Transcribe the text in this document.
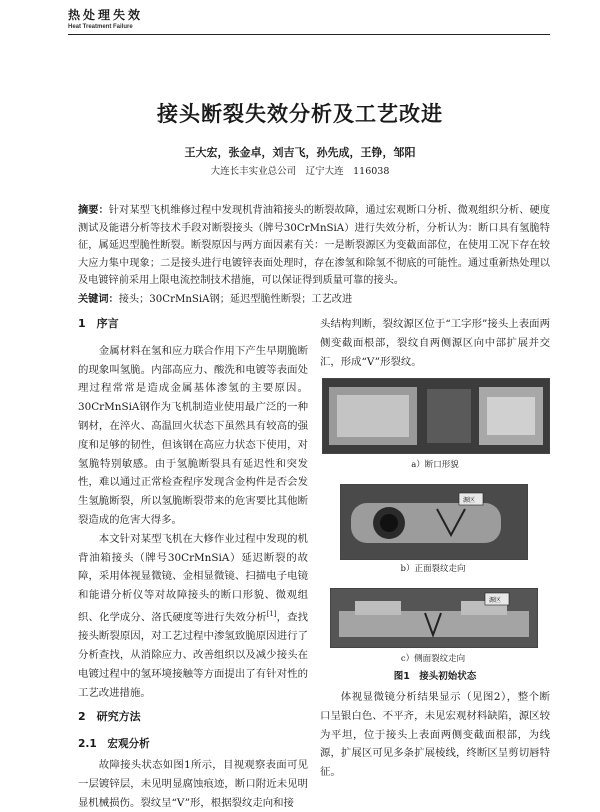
热处理失效
Heat Treatment Failure
接头断裂失效分析及工艺改进
王大宏，张金卓，刘吉飞，孙先成，王铮，邹阳
大连长丰实业总公司　辽宁大连　116038
摘要：针对某型飞机维修过程中发现机背油箱接头的断裂故障，通过宏观断口分析、微观组织分析、硬度测试及能谱分析等技术手段对断裂接头（牌号30CrMnSiA）进行失效分析，分析认为：断口具有氢脆特征，属延迟型脆性断裂。断裂原因与两方面因素有关：一是断裂源区为变截面部位，在使用工况下存在较大应力集中现象；二是接头进行电镀锌表面处理时，存在渗氢和除氢不彻底的可能性。通过重新热处理以及电镀锌前采用上限电流控制技术措施，可以保证得到质量可靠的接头。
关键词：接头；30CrMnSiA钢；延迟型脆性断裂；工艺改进
1　序言

金属材料在氢和应力联合作用下产生早期脆断的现象叫氢脆。内部高应力、酸洗和电镀等表面处理过程常常是造成金属基体渗氢的主要原因。30CrMnSiA钢作为飞机制造业使用最广泛的一种钢材，在淬火、高温回火状态下虽然具有较高的强度和足够的韧性，但该钢在高应力状态下使用，对氢脆特别敏感。由于氢脆断裂具有延迟性和突发性，难以通过正常检查程序发现含金构件是否会发生氢脆断裂，所以氢脆断裂带来的危害要比其他断裂造成的危害大得多。

本文针对某型飞机在大修作业过程中发现的机背油箱接头（牌号30CrMnSiA）延迟断裂的故障，采用体视显微镜、金相显微镜、扫描电子电镜和能谱分析仪等对故障接头的断口形貌、微观组织、化学成分、洛氏硬度等进行失效分析[1]，查找接头断裂原因，对工艺过程中渗氢致脆原因进行了分析查找，从消除应力、改善组织以及减少接头在电镀过程中的氢环境接触等方面提出了有针对性的工艺改进措施。

2　研究方法
2.1　宏观分析

故障接头状态如图1所示，目视观察表面可见一层镀锌层，未见明显腐蚀痕迹，断口附近未见明显机械损伤。裂纹呈“V”形，根据裂纹走向和接

头结构判断，裂纹源区位于“工字形”接头上表面两侧变截面根部，裂纹自两侧源区向中部扩展并交汇，形成“V”形裂纹。

a）断口形貌
源区
b）正面裂纹走向
源区
c）侧面裂纹走向
图1　接头初始状态

体视显微镜分析结果显示（见图2），整个断口呈银白色、不平齐，未见宏观材料缺陷，源区较为平坦，位于接头上表面两侧变截面根部，为线源，扩展区可见多条扩展棱线，终断区呈剪切唇特征。
